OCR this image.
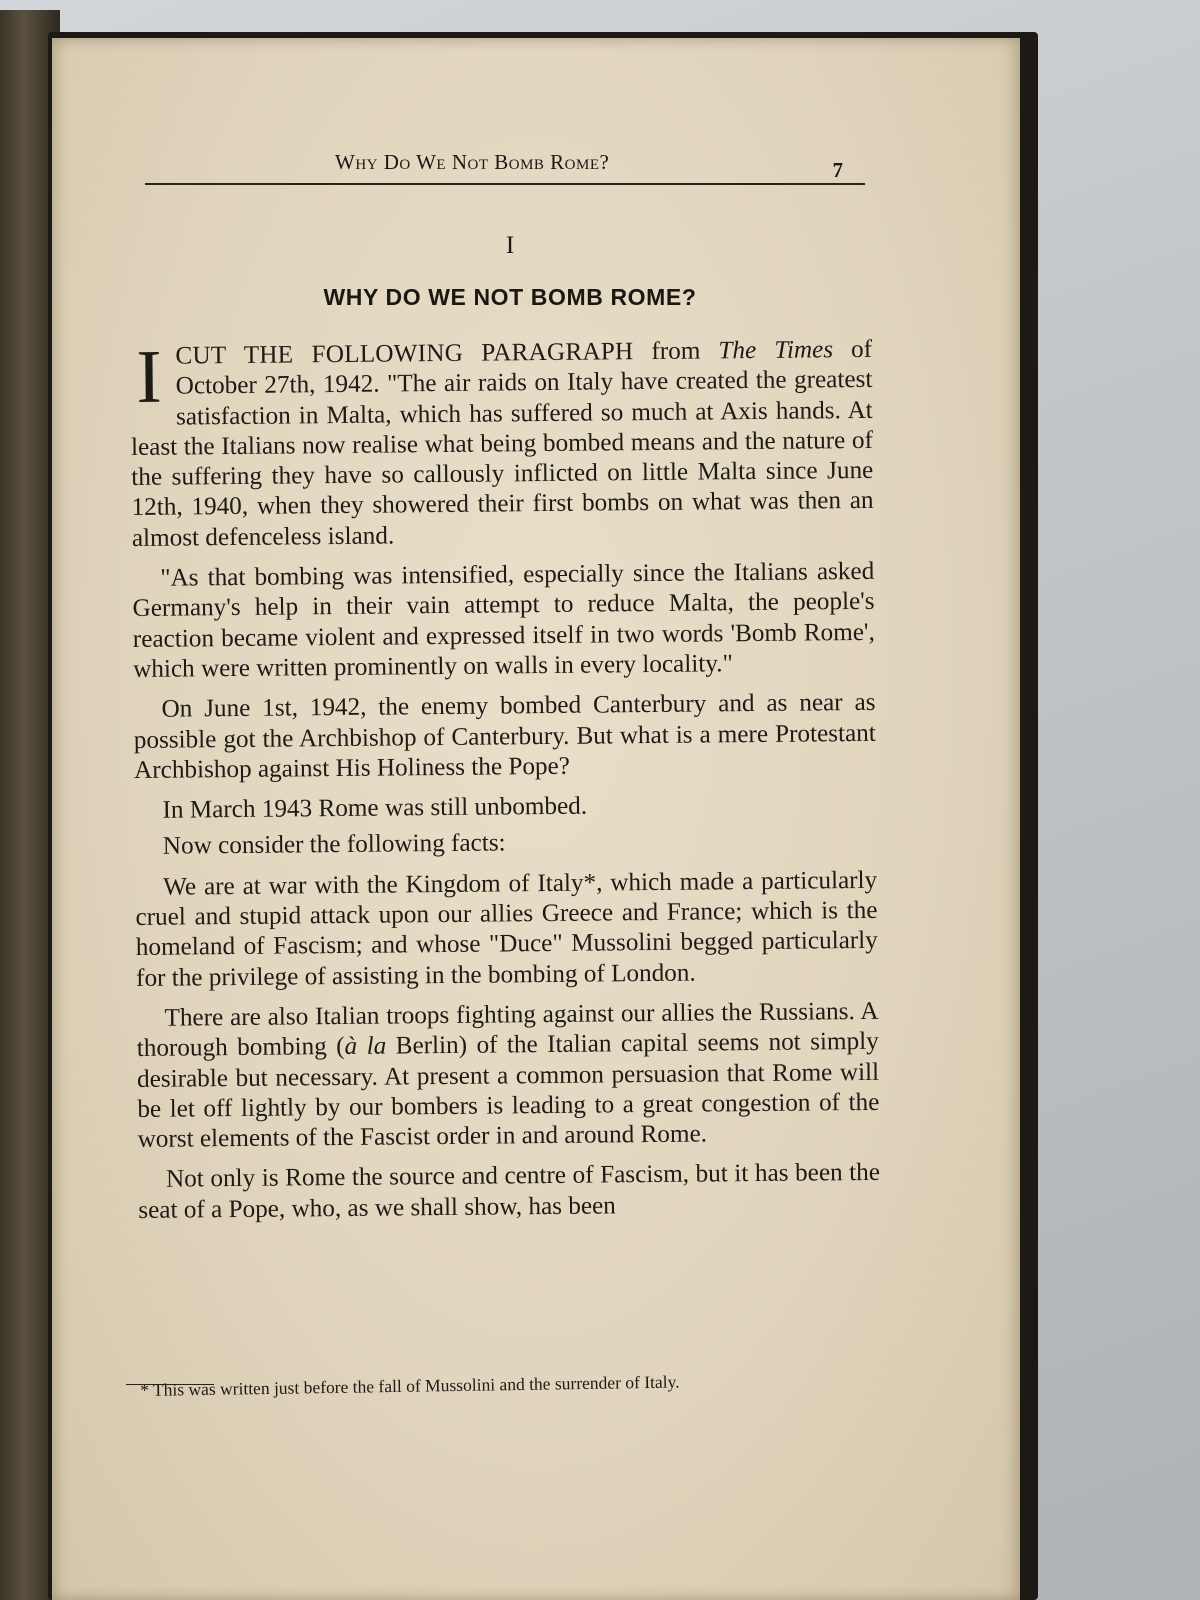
Why Do We Not Bomb Rome?	7
I
WHY DO WE NOT BOMB ROME?

I CUT THE FOLLOWING PARAGRAPH from The Times of October 27th, 1942. "The air raids on Italy have created the greatest satisfaction in Malta, which has suffered so much at Axis hands. At least the Italians now realise what being bombed means and the nature of the suffering they have so callously inflicted on little Malta since June 12th, 1940, when they showered their first bombs on what was then an almost defenceless island.

"As that bombing was intensified, especially since the Italians asked Germany's help in their vain attempt to reduce Malta, the people's reaction became violent and expressed itself in two words 'Bomb Rome', which were written prominently on walls in every locality."

On June 1st, 1942, the enemy bombed Canterbury and as near as possible got the Archbishop of Canterbury. But what is a mere Protestant Archbishop against His Holiness the Pope?

In March 1943 Rome was still unbombed.

Now consider the following facts:

We are at war with the Kingdom of Italy*, which made a particularly cruel and stupid attack upon our allies Greece and France; which is the homeland of Fascism; and whose "Duce" Mussolini begged particularly for the privilege of assisting in the bombing of London.

There are also Italian troops fighting against our allies the Russians. A thorough bombing (à la Berlin) of the Italian capital seems not simply desirable but necessary. At present a common persuasion that Rome will be let off lightly by our bombers is leading to a great congestion of the worst elements of the Fascist order in and around Rome.

Not only is Rome the source and centre of Fascism, but it has been the seat of a Pope, who, as we shall show, has been

* This was written just before the fall of Mussolini and the surrender of Italy.
